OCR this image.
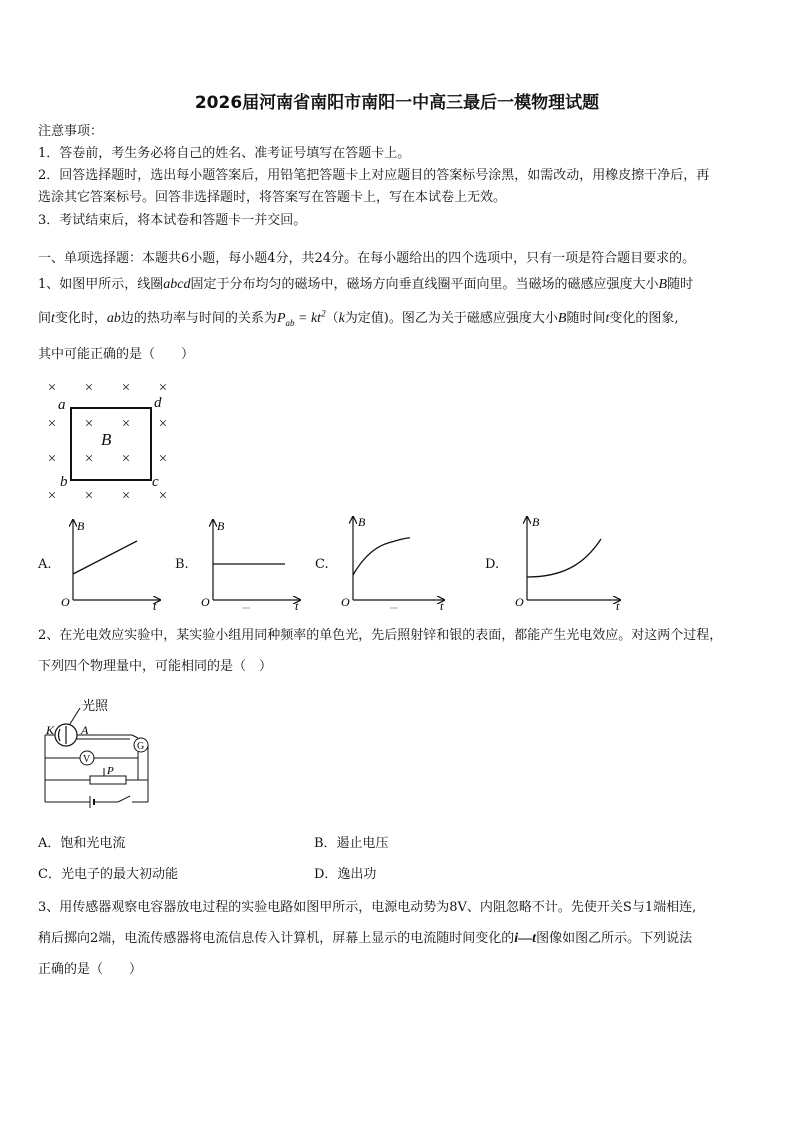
2026届河南省南阳市南阳一中高三最后一模物理试题
注意事项：
1．答卷前，考生务必将自己的姓名、准考证号填写在答题卡上。
2．回答选择题时，选出每小题答案后，用铅笔把答题卡上对应题目的答案标号涂黑，如需改动，用橡皮擦干净后，再
选涂其它答案标号。回答非选择题时，将答案写在答题卡上，写在本试卷上无效。
3．考试结束后，将本试卷和答题卡一并交回。
一、单项选择题：本题共6小题，每小题4分，共24分。在每小题给出的四个选项中，只有一项是符合题目要求的。
1、如图甲所示，线圈abcd固定于分布均匀的磁场中，磁场方向垂直线圈平面向里。当磁场的磁感应强度大小B随时
间t变化时，ab边的热功率与时间的关系为$P_{ab} = kt^2(k$为定值)。图乙为关于磁感应强度大小B随时间t变化的图象,
其中可能正确的是（　　）
× × × ×
× × × ×
× × × ×
× × × ×
a	d
b	c
B
A.
B
t
O
B.
B
t
O
C.
B
t
O
D.
B
t
O
2、在光电效应实验中，某实验小组用同种频率的单色光，先后照射锌和银的表面，都能产生光电效应。对这两个过程，
下列四个物理量中，可能相同的是（　）
光照
K A
G
V
P
A．饱和光电流	B．遏止电压
C．光电子的最大初动能	D．逸出功
3、用传感器观察电容器放电过程的实验电路如图甲所示，电源电动势为8V、内阻忽略不计。先使开关S与1端相连,
稍后掷向2端，电流传感器将电流信息传入计算机，屏幕上显示的电流随时间变化的i—t图像如图乙所示。下列说法
正确的是（　　）
